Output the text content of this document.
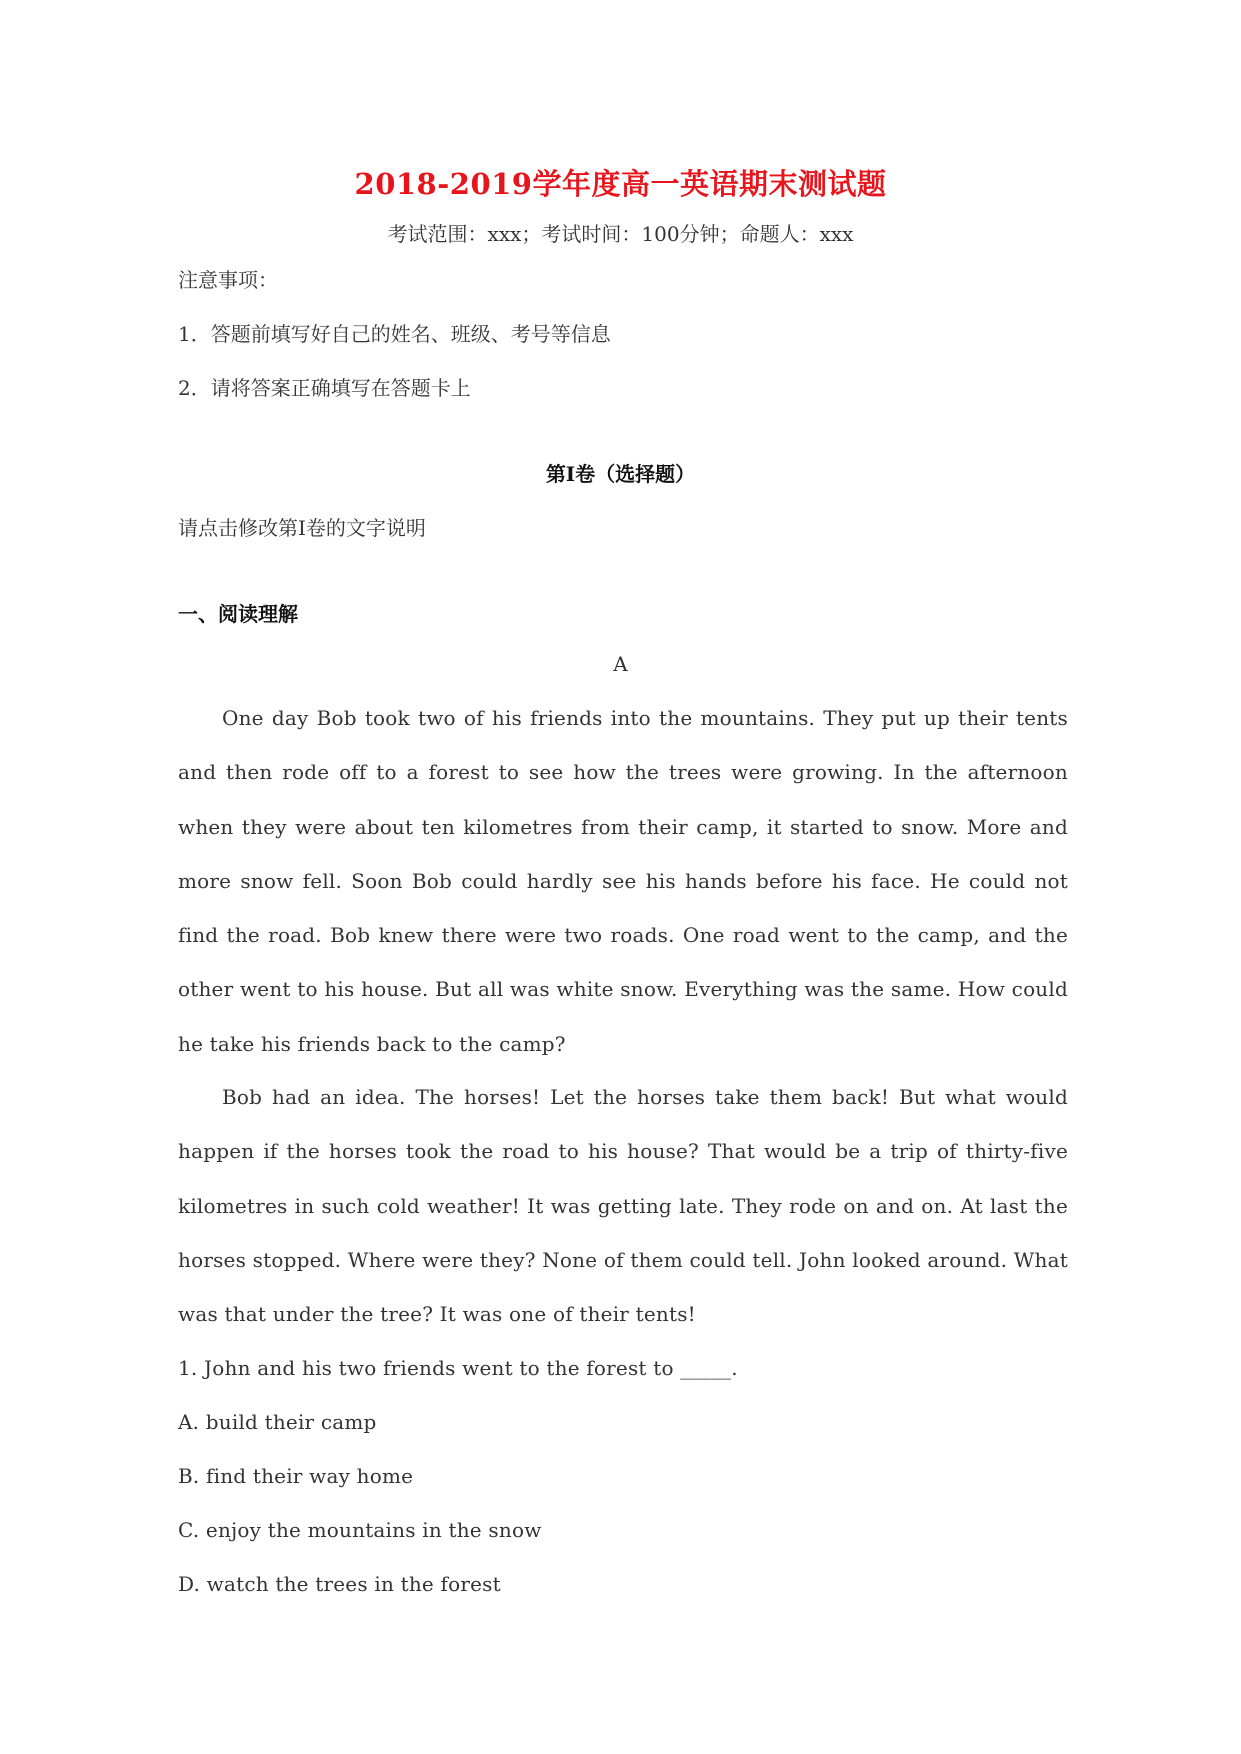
2018-2019学年度高一英语期末测试题
考试范围：xxx；考试时间：100分钟；命题人：xxx
注意事项：
1．答题前填写好自己的姓名、班级、考号等信息
2．请将答案正确填写在答题卡上
第I卷（选择题）
请点击修改第I卷的文字说明
一、阅读理解
A
One day Bob took two of his friends into the mountains. They put up their tents and then rode off to a forest to see how the trees were growing. In the afternoon when they were about ten kilometres from their camp, it started to snow. More and more snow fell. Soon Bob could hardly see his hands before his face. He could not find the road. Bob knew there were two roads. One road went to the camp, and the other went to his house. But all was white snow. Everything was the same. How could he take his friends back to the camp?
Bob had an idea. The horses! Let the horses take them back! But what would happen if the horses took the road to his house? That would be a trip of thirty-five kilometres in such cold weather! It was getting late. They rode on and on. At last the horses stopped. Where were they? None of them could tell. John looked around. What was that under the tree? It was one of their tents!
1. John and his two friends went to the forest to _____.
A. build their camp
B. find their way home
C. enjoy the mountains in the snow
D. watch the trees in the forest
